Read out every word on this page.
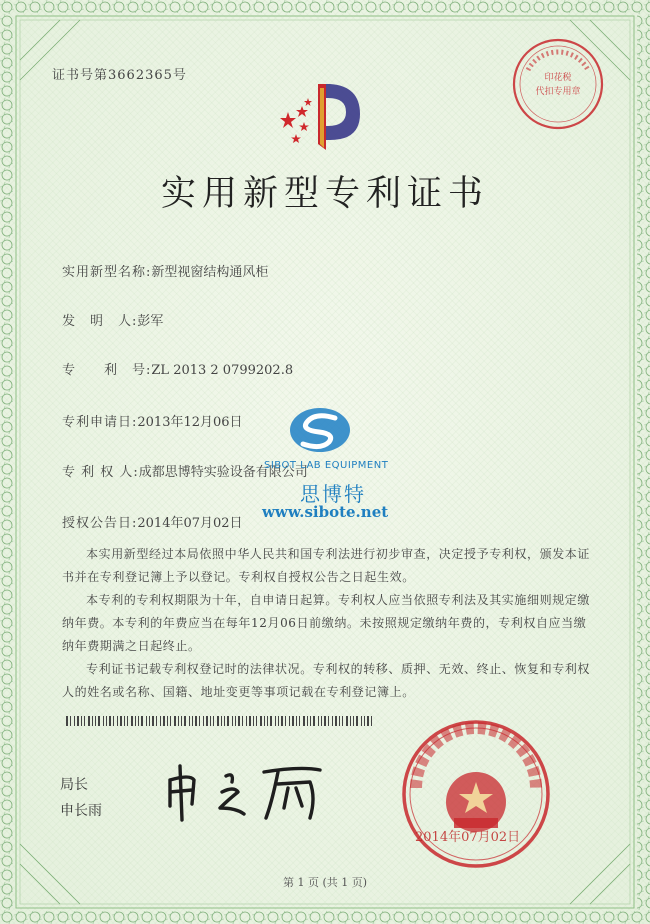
证书号第3662365号	印花税
代扣专用章
实用新型专利证书
实用新型名称:新型视窗结构通风柜
发　明　人:彭军
专　　利　号:ZL 2013 2 0799202.8
专利申请日:2013年12月06日
专 利 权 人:成都思博特实验设备有限公司
授权公告日:2014年07月02日
SIBOT LAB EQUIPMENT
思博特
www.sibote.net
本实用新型经过本局依照中华人民共和国专利法进行初步审查，决定授予专利权，颁发本证书并在专利登记簿上予以登记。专利权自授权公告之日起生效。
本专利的专利权期限为十年，自申请日起算。专利权人应当依照专利法及其实施细则规定缴纳年费。本专利的年费应当在每年12月06日前缴纳。未按照规定缴纳年费的，专利权自应当缴纳年费期满之日起终止。
专利证书记载专利权登记时的法律状况。专利权的转移、质押、无效、终止、恢复和专利权人的姓名或名称、国籍、地址变更等事项记载在专利登记簿上。
局长
申长雨
2014年07月02日
第 1 页 (共 1 页)
